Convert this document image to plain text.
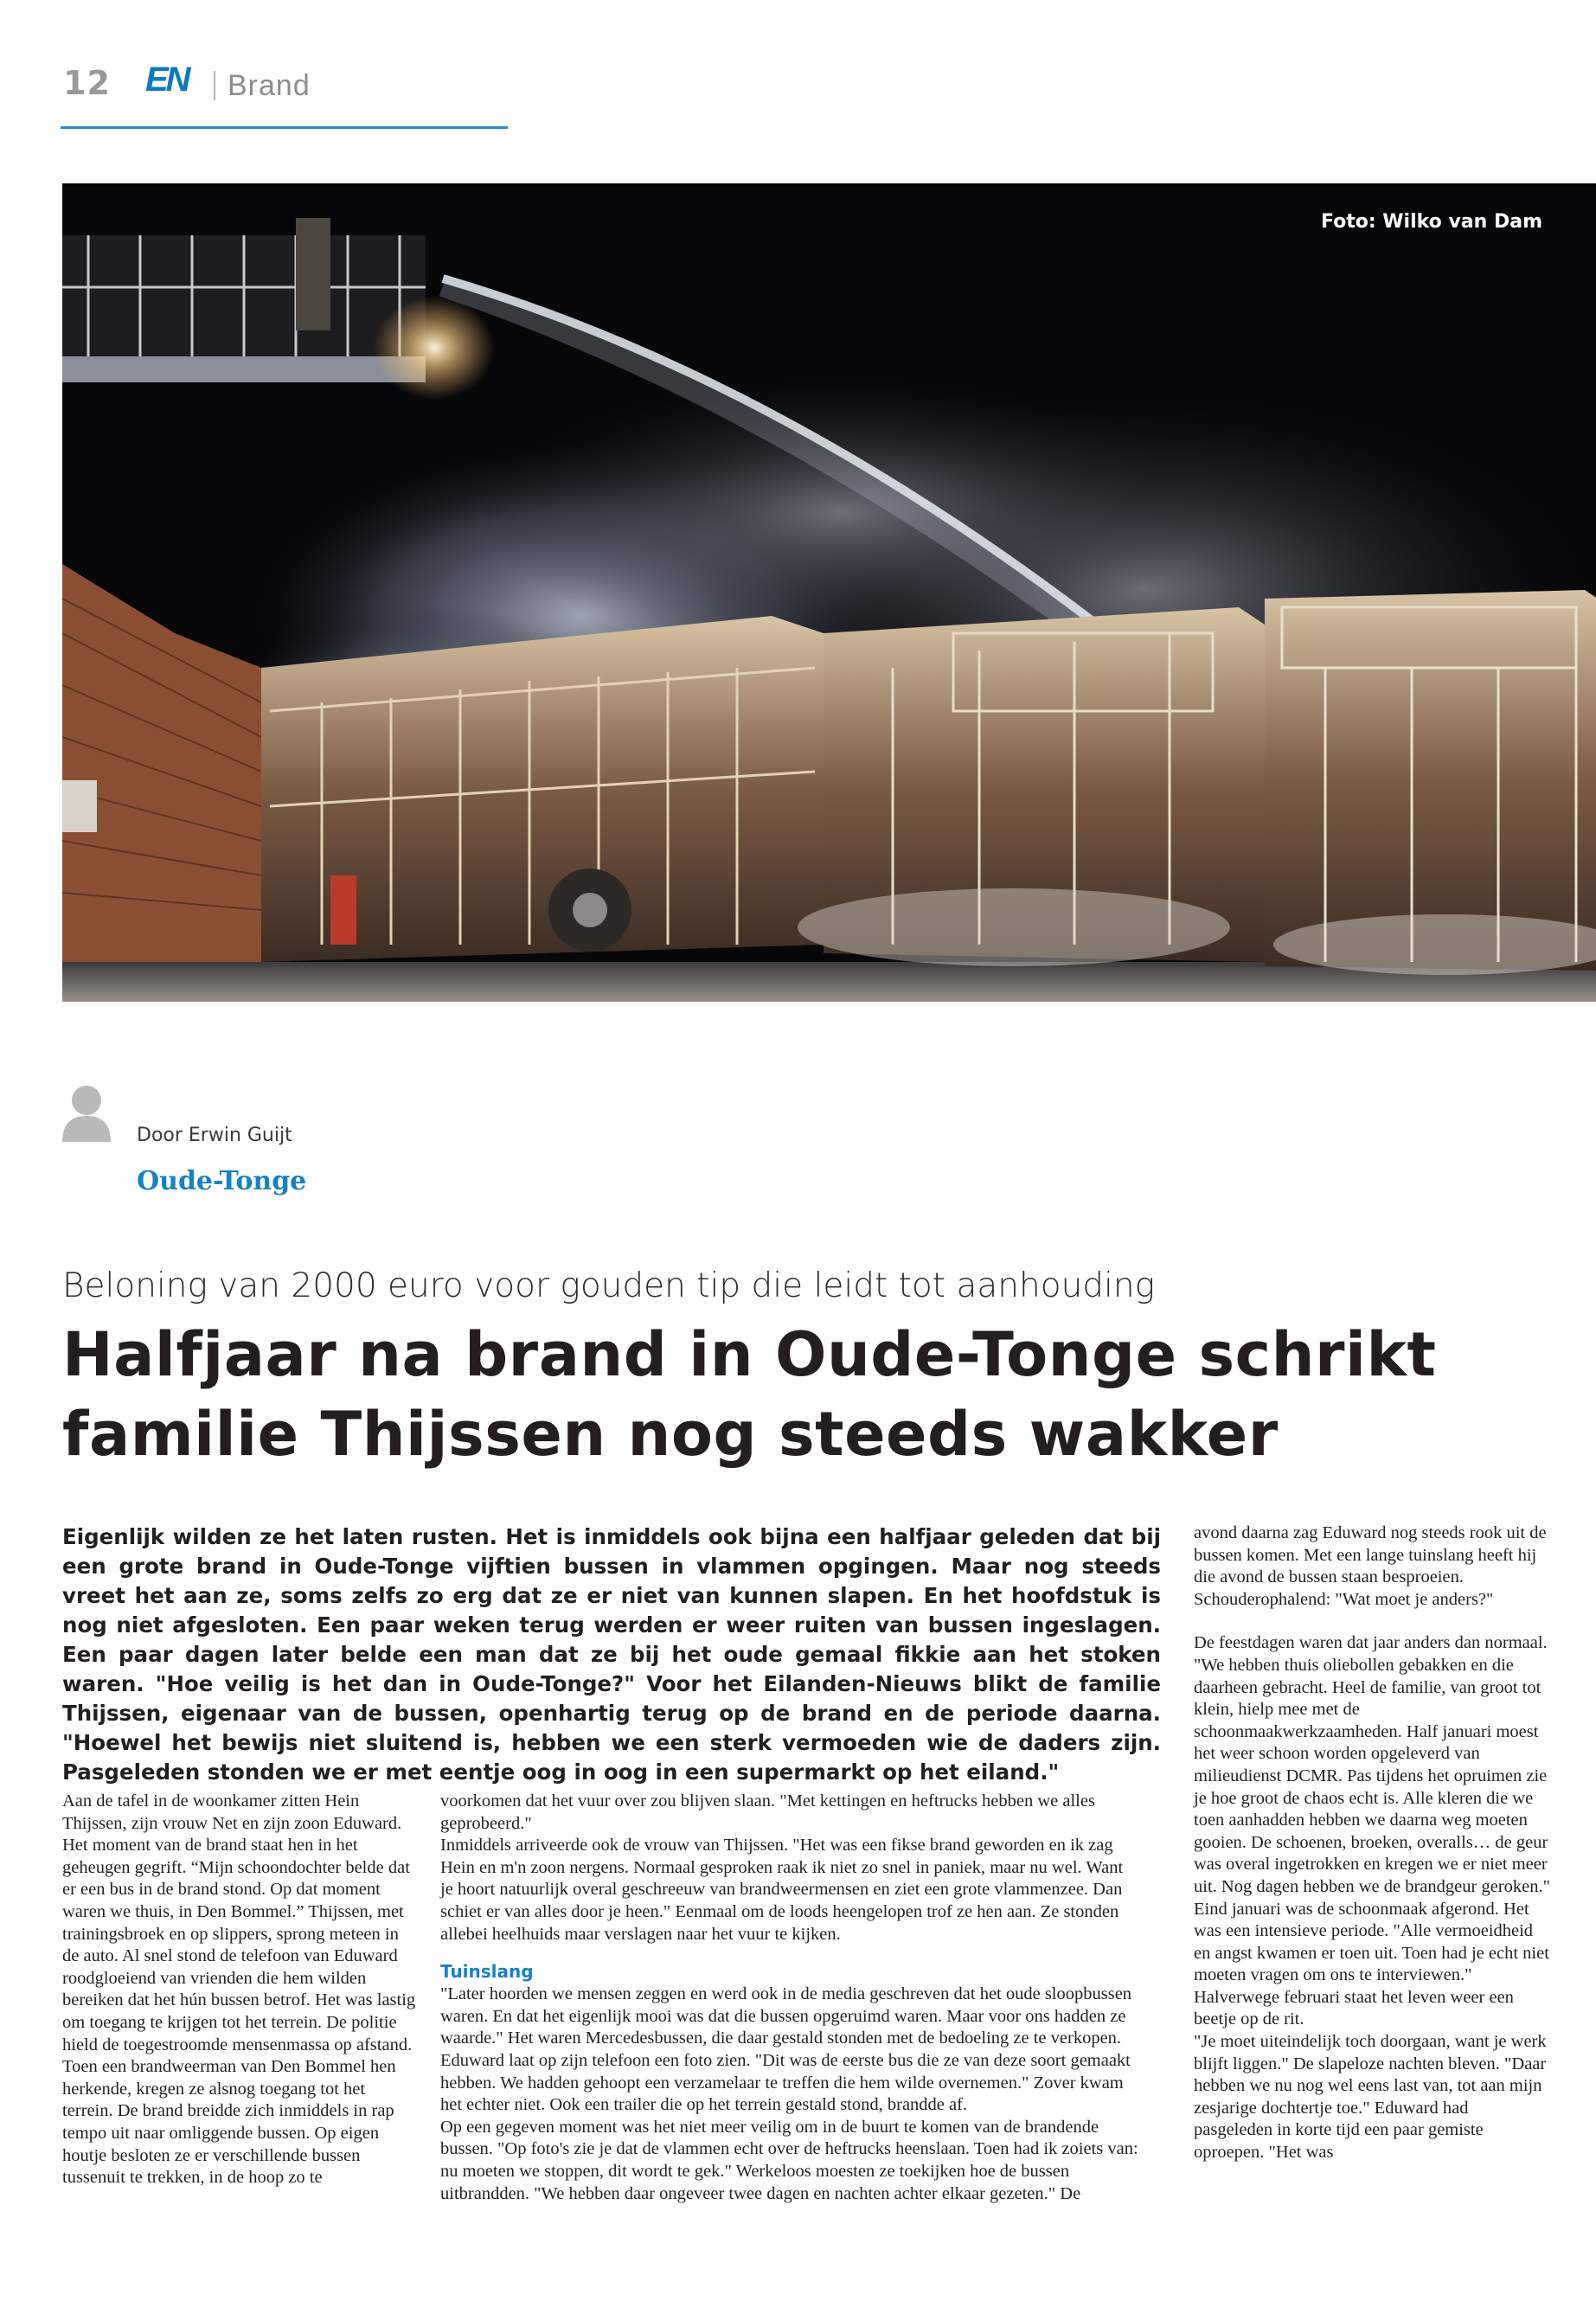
12 EN Brand
Foto: Wilko van Dam
Door Erwin Guijt
Oude-Tonge
Beloning van 2000 euro voor gouden tip die leidt tot aanhouding
Halfjaar na brand in Oude-Tonge schrikt
familie Thijssen nog steeds wakker
Eigenlijk wilden ze het laten rusten. Het is inmiddels ook bijna een halfjaar geleden dat bij een grote brand in Oude-Tonge vijftien bussen in vlammen opgingen. Maar nog steeds vreet het aan ze, soms zelfs zo erg dat ze er niet van kunnen slapen. En het hoofdstuk is nog niet afgesloten. Een paar weken terug werden er weer ruiten van bussen ingeslagen. Een paar dagen later belde een man dat ze bij het oude gemaal fikkie aan het stoken waren. "Hoe veilig is het dan in Oude-Tonge?" Voor het Eilanden-Nieuws blikt de familie Thijssen, eigenaar van de bussen, openhartig terug op de brand en de periode daarna. "Hoewel het bewijs niet sluitend is, hebben we een sterk vermoeden wie de daders zijn. Pasgeleden stonden we er met eentje oog in oog in een supermarkt op het eiland."

Aan de tafel in de woonkamer zitten Hein Thijssen, zijn vrouw Net en zijn zoon Eduward. Het moment van de brand staat hen in het geheugen gegrift. “Mijn schoondochter belde dat er een bus in de brand stond. Op dat moment waren we thuis, in Den Bommel.” Thijssen, met trainingsbroek en op slippers, sprong meteen in de auto. Al snel stond de telefoon van Eduward roodgloeiend van vrienden die hem wilden bereiken dat het hún bussen betrof. Het was lastig om toegang te krijgen tot het terrein. De politie hield de toegestroomde mensenmassa op afstand. Toen een brandweerman van Den Bommel hen herkende, kregen ze alsnog toegang tot het terrein. De brand breidde zich inmiddels in rap tempo uit naar omliggende bussen. Op eigen houtje besloten ze er verschillende bussen tussenuit te trekken, in de hoop zo te

voorkomen dat het vuur over zou blijven slaan. "Met kettingen en heftrucks hebben we alles geprobeerd."

Inmiddels arriveerde ook de vrouw van Thijssen. "Het was een fikse brand geworden en ik zag Hein en m'n zoon nergens. Normaal gesproken raak ik niet zo snel in paniek, maar nu wel. Want je hoort natuurlijk overal geschreeuw van brandweermensen en ziet een grote vlammenzee. Dan schiet er van alles door je heen." Eenmaal om de loods heengelopen trof ze hen aan. Ze stonden allebei heelhuids maar verslagen naar het vuur te kijken.

Tuinslang

"Later hoorden we mensen zeggen en werd ook in de media geschreven dat het oude sloopbussen waren. En dat het eigenlijk mooi was dat die bussen opgeruimd waren. Maar voor ons hadden ze waarde." Het waren Mercedesbussen, die daar gestald stonden met de bedoeling ze te verkopen. Eduward laat op zijn telefoon een foto zien. "Dit was de eerste bus die ze van deze soort gemaakt hebben. We hadden gehoopt een verzamelaar te treffen die hem wilde overnemen." Zover kwam het echter niet. Ook een trailer die op het terrein gestald stond, brandde af.

Op een gegeven moment was het niet meer veilig om in de buurt te komen van de brandende bussen. "Op foto's zie je dat de vlammen echt over de heftrucks heenslaan. Toen had ik zoiets van: nu moeten we stoppen, dit wordt te gek." Werkeloos moesten ze toekijken hoe de bussen uitbrandden. "We hebben daar ongeveer twee dagen en nachten achter elkaar gezeten." De

avond daarna zag Eduward nog steeds rook uit de bussen komen. Met een lange tuinslang heeft hij die avond de bussen staan besproeien. Schouderophalend: "Wat moet je anders?"

De feestdagen waren dat jaar anders dan normaal. "We hebben thuis oliebollen gebakken en die daarheen gebracht. Heel de familie, van groot tot klein, hielp mee met de schoonmaakwerkzaamheden. Half januari moest het weer schoon worden opgeleverd van milieudienst DCMR. Pas tijdens het opruimen zie je hoe groot de chaos echt is. Alle kleren die we toen aanhadden hebben we daarna weg moeten gooien. De schoenen, broeken, overalls… de geur was overal ingetrokken en kregen we er niet meer uit. Nog dagen hebben we de brandgeur geroken."

Eind januari was de schoonmaak afgerond. Het was een intensieve periode. "Alle vermoeidheid en angst kwamen er toen uit. Toen had je echt niet moeten vragen om ons te interviewen." Halverwege februari staat het leven weer een beetje op de rit.

"Je moet uiteindelijk toch doorgaan, want je werk blijft liggen." De slapeloze nachten bleven. "Daar hebben we nu nog wel eens last van, tot aan mijn zesjarige dochtertje toe." Eduward had pasgeleden in korte tijd een paar gemiste oproepen. "Het was
